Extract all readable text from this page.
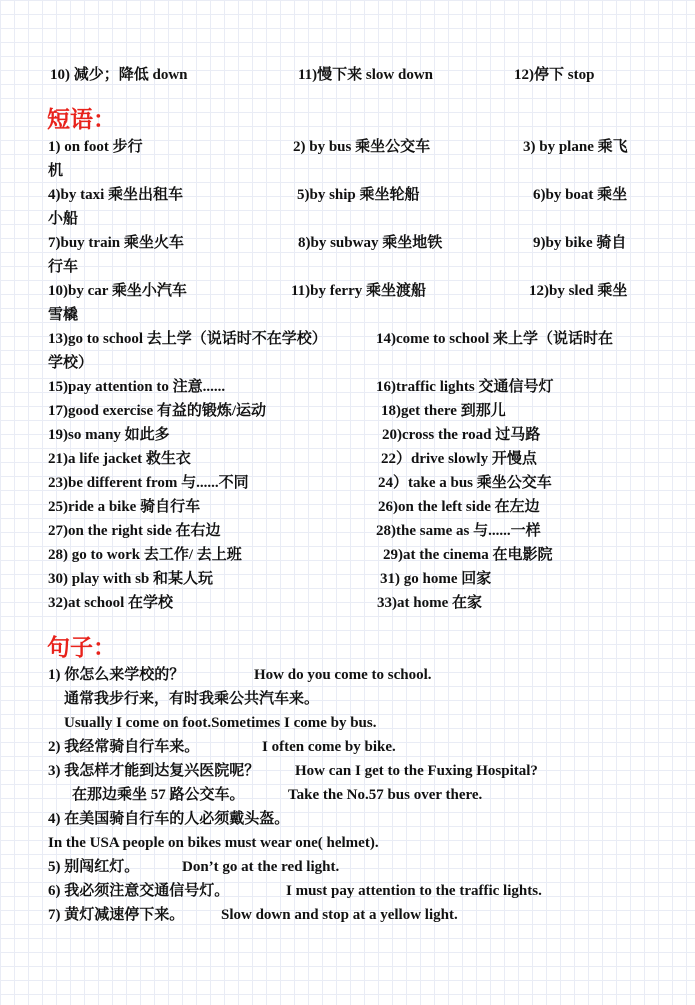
10) 减少；降低 down	11)慢下来 slow down	12)停下 stop
短语：
1) on foot 步行	2) by bus 乘坐公交车	3) by plane 乘飞
机
4)by taxi 乘坐出租车	5)by ship 乘坐轮船	6)by boat 乘坐
小船
7)buy train 乘坐火车	8)by subway 乘坐地铁	9)by bike 骑自
行车
10)by car 乘坐小汽车	11)by ferry 乘坐渡船	12)by sled 乘坐
雪橇
13)go to school 去上学（说话时不在学校）	14)come to school 来上学（说话时在
学校）
15)pay attention to 注意......	16)traffic lights 交通信号灯
17)good exercise 有益的锻炼/运动	18)get there 到那儿
19)so many 如此多	20)cross the road 过马路
21)a life jacket 救生衣	22）drive slowly 开慢点
23)be different from 与......不同	24）take a bus 乘坐公交车
25)ride a bike 骑自行车	26)on the left side 在左边
27)on the right side 在右边	28)the same as 与......一样
28) go to work 去工作/ 去上班	29)at the cinema 在电影院
30) play with sb 和某人玩	31) go home 回家
32)at school 在学校	33)at home 在家
句子：
1) 你怎么来学校的？	How do you come to school.
通常我步行来，有时我乘公共汽车来。
Usually I come on foot.Sometimes I come by bus.
2) 我经常骑自行车来。	I often come by bike.
3) 我怎样才能到达复兴医院呢？ How can I get to the Fuxing Hospital?
在那边乘坐 57 路公交车。	Take the No.57 bus over there.
4) 在美国骑自行车的人必须戴头盔。
In the USA people on bikes must wear one( helmet).
5) 别闯红灯。	Don’t go at the red light.
6) 我必须注意交通信号灯。	I must pay attention to the traffic lights.
7) 黄灯减速停下来。 Slow down and stop at a yellow light.
